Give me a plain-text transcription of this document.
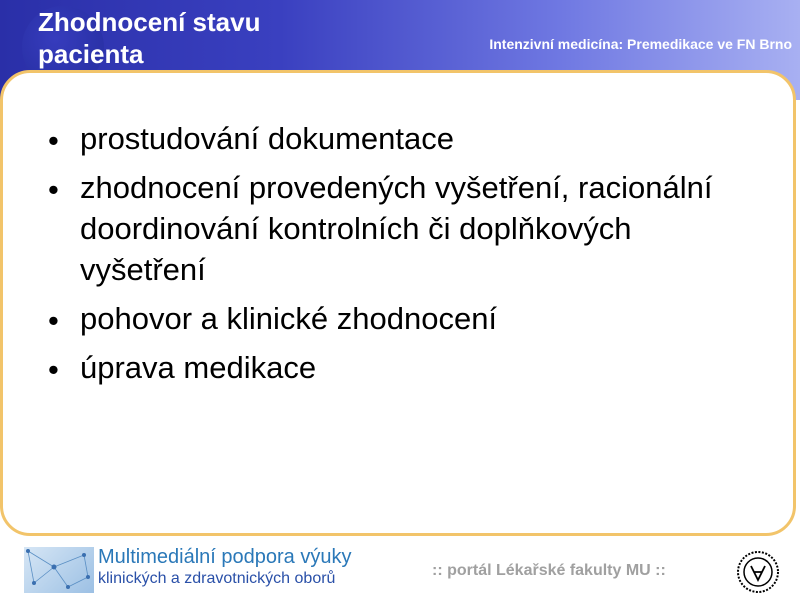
Zhodnocení stavu pacienta	Intenzivní medicína: Premedikace ve FN Brno
• prostudování dokumentace
• zhodnocení provedených vyšetření, racionální doordinování kontrolních či doplňkových vyšetření
• pohovor a klinické zhodnocení
• úprava medikace
Multimediální podpora výuky
klinických a zdravotnických oborů	:: portál Lékařské fakulty MU ::
